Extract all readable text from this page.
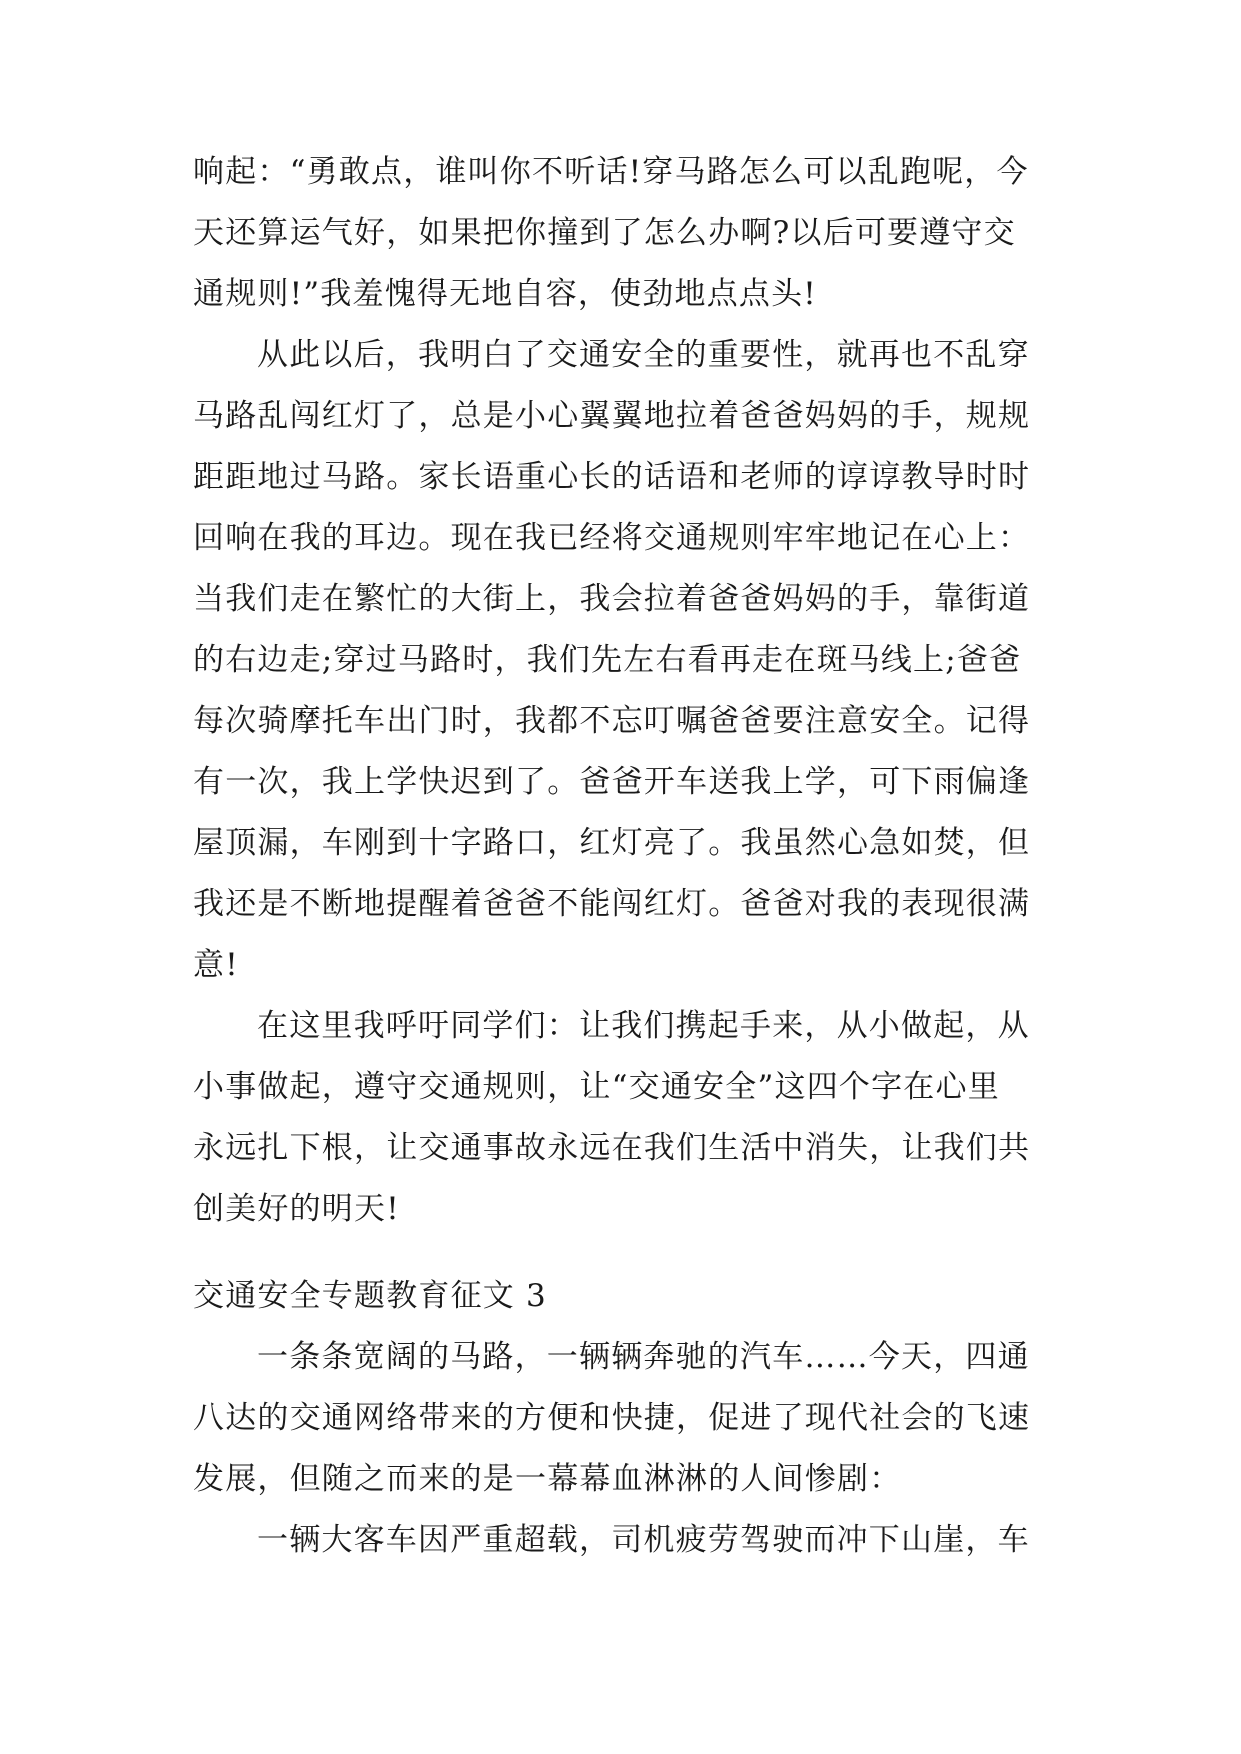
响起：“勇敢点，谁叫你不听话!穿马路怎么可以乱跑呢，今
天还算运气好，如果把你撞到了怎么办啊?以后可要遵守交
通规则!”我羞愧得无地自容，使劲地点点头!
从此以后，我明白了交通安全的重要性，就再也不乱穿
马路乱闯红灯了，总是小心翼翼地拉着爸爸妈妈的手，规规
距距地过马路。家长语重心长的话语和老师的谆谆教导时时
回响在我的耳边。现在我已经将交通规则牢牢地记在心上：
当我们走在繁忙的大街上，我会拉着爸爸妈妈的手，靠街道
的右边走;穿过马路时，我们先左右看再走在斑马线上;爸爸
每次骑摩托车出门时，我都不忘叮嘱爸爸要注意安全。记得
有一次，我上学快迟到了。爸爸开车送我上学，可下雨偏逢
屋顶漏，车刚到十字路口，红灯亮了。我虽然心急如焚，但
我还是不断地提醒着爸爸不能闯红灯。爸爸对我的表现很满
意!
在这里我呼吁同学们：让我们携起手来，从小做起，从
小事做起，遵守交通规则，让“交通安全”这四个字在心里
永远扎下根，让交通事故永远在我们生活中消失，让我们共
创美好的明天!
交通安全专题教育征文 3
一条条宽阔的马路，一辆辆奔驰的汽车……今天，四通
八达的交通网络带来的方便和快捷，促进了现代社会的飞速
发展，但随之而来的是一幕幕血淋淋的人间惨剧：
一辆大客车因严重超载，司机疲劳驾驶而冲下山崖，车
